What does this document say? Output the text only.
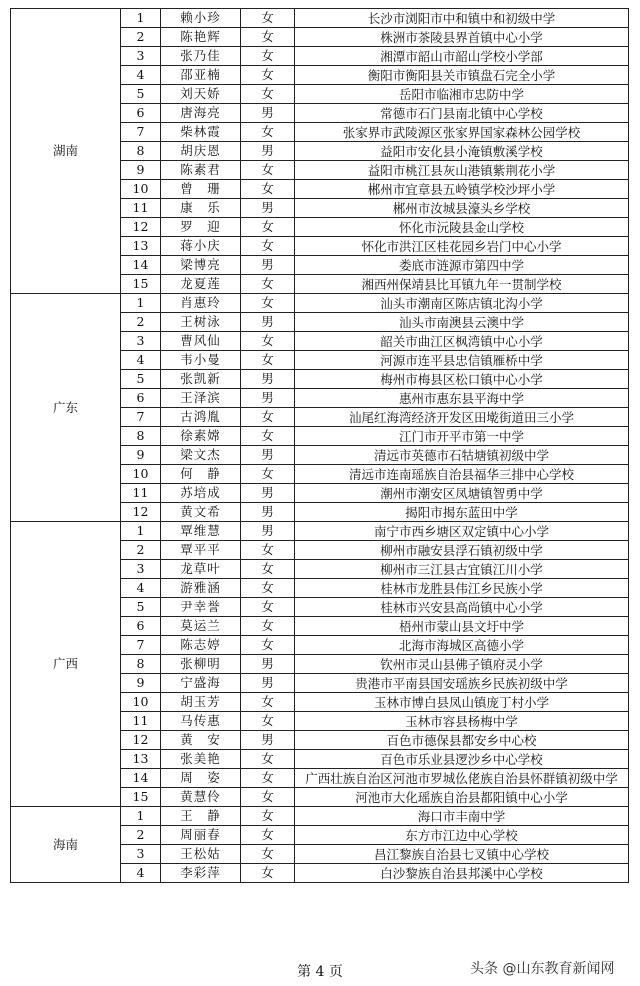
湖南	1	赖小珍	女	长沙市浏阳市中和镇中和初级中学
	2	陈艳辉	女	株洲市茶陵县界首镇中心小学
	3	张乃佳	女	湘潭市韶山市韶山学校小学部
	4	邵亚楠	女	衡阳市衡阳县关市镇盘石完全小学
	5	刘天娇	女	岳阳市临湘市忠防中学
	6	唐海亮	男	常德市石门县南北镇中心学校
	7	柴林霞	女	张家界市武陵源区张家界国家森林公园学校
	8	胡庆恩	男	益阳市安化县小淹镇敷溪学校
	9	陈素君	女	益阳市桃江县灰山港镇紫荆花小学
	10	曾　珊	女	郴州市宜章县五岭镇学校沙坪小学
	11	康　乐	男	郴州市汝城县濠头乡学校
	12	罗　迎	女	怀化市沅陵县金山学校
	13	蒋小庆	女	怀化市洪江区桂花园乡岩门中心小学
	14	梁博亮	男	娄底市涟源市第四中学
	15	龙夏莲	女	湘西州保靖县比耳镇九年一贯制学校
广东	1	肖惠玲	女	汕头市潮南区陈店镇北沟小学
	2	王树泳	男	汕头市南澳县云澳中学
	3	曹风仙	女	韶关市曲江区枫湾镇中心小学
	4	韦小曼	女	河源市连平县忠信镇雁桥中学
	5	张凯新	男	梅州市梅县区松口镇中心小学
	6	王泽滨	男	惠州市惠东县平海中学
	7	古鸿胤	女	汕尾红海湾经济开发区田墘街道田三小学
	8	徐素嫦	女	江门市开平市第一中学
	9	梁文杰	男	清远市英德市石牯塘镇初级中学
	10	何　静	女	清远市连南瑶族自治县福华三排中心学校
	11	苏培成	男	潮州市潮安区凤塘镇智勇中学
	12	黄文希	男	揭阳市揭东蓝田中学
广西	1	覃维慧	男	南宁市西乡塘区双定镇中心小学
	2	覃平平	女	柳州市融安县浮石镇初级中学
	3	龙草叶	女	柳州市三江县古宜镇江川小学
	4	游雅涵	女	桂林市龙胜县伟江乡民族小学
	5	尹幸誉	女	桂林市兴安县高尚镇中心小学
	6	莫运兰	女	梧州市蒙山县文圩中学
	7	陈志婷	女	北海市海城区高德小学
	8	张柳明	男	钦州市灵山县佛子镇府灵小学
	9	宁盛海	男	贵港市平南县国安瑶族乡民族初级中学
	10	胡玉芳	女	玉林市博白县凤山镇庞丁村小学
	11	马传惠	女	玉林市容县杨梅中学
	12	黄　安	男	百色市德保县都安乡中心校
	13	张美艳	女	百色市乐业县逻沙乡中心学校
	14	周　姿	女	广西壮族自治区河池市罗城仫佬族自治县怀群镇初级中学
	15	黄慧伶	女	河池市大化瑶族自治县都阳镇中心小学
海南	1	王　静	女	海口市丰南中学
	2	周丽春	女	东方市江边中心学校
	3	王松姑	女	昌江黎族自治县七叉镇中心学校
	4	李彩萍	女	白沙黎族自治县邦溪中心学校
第 4 页	头条 @山东教育新闻网
